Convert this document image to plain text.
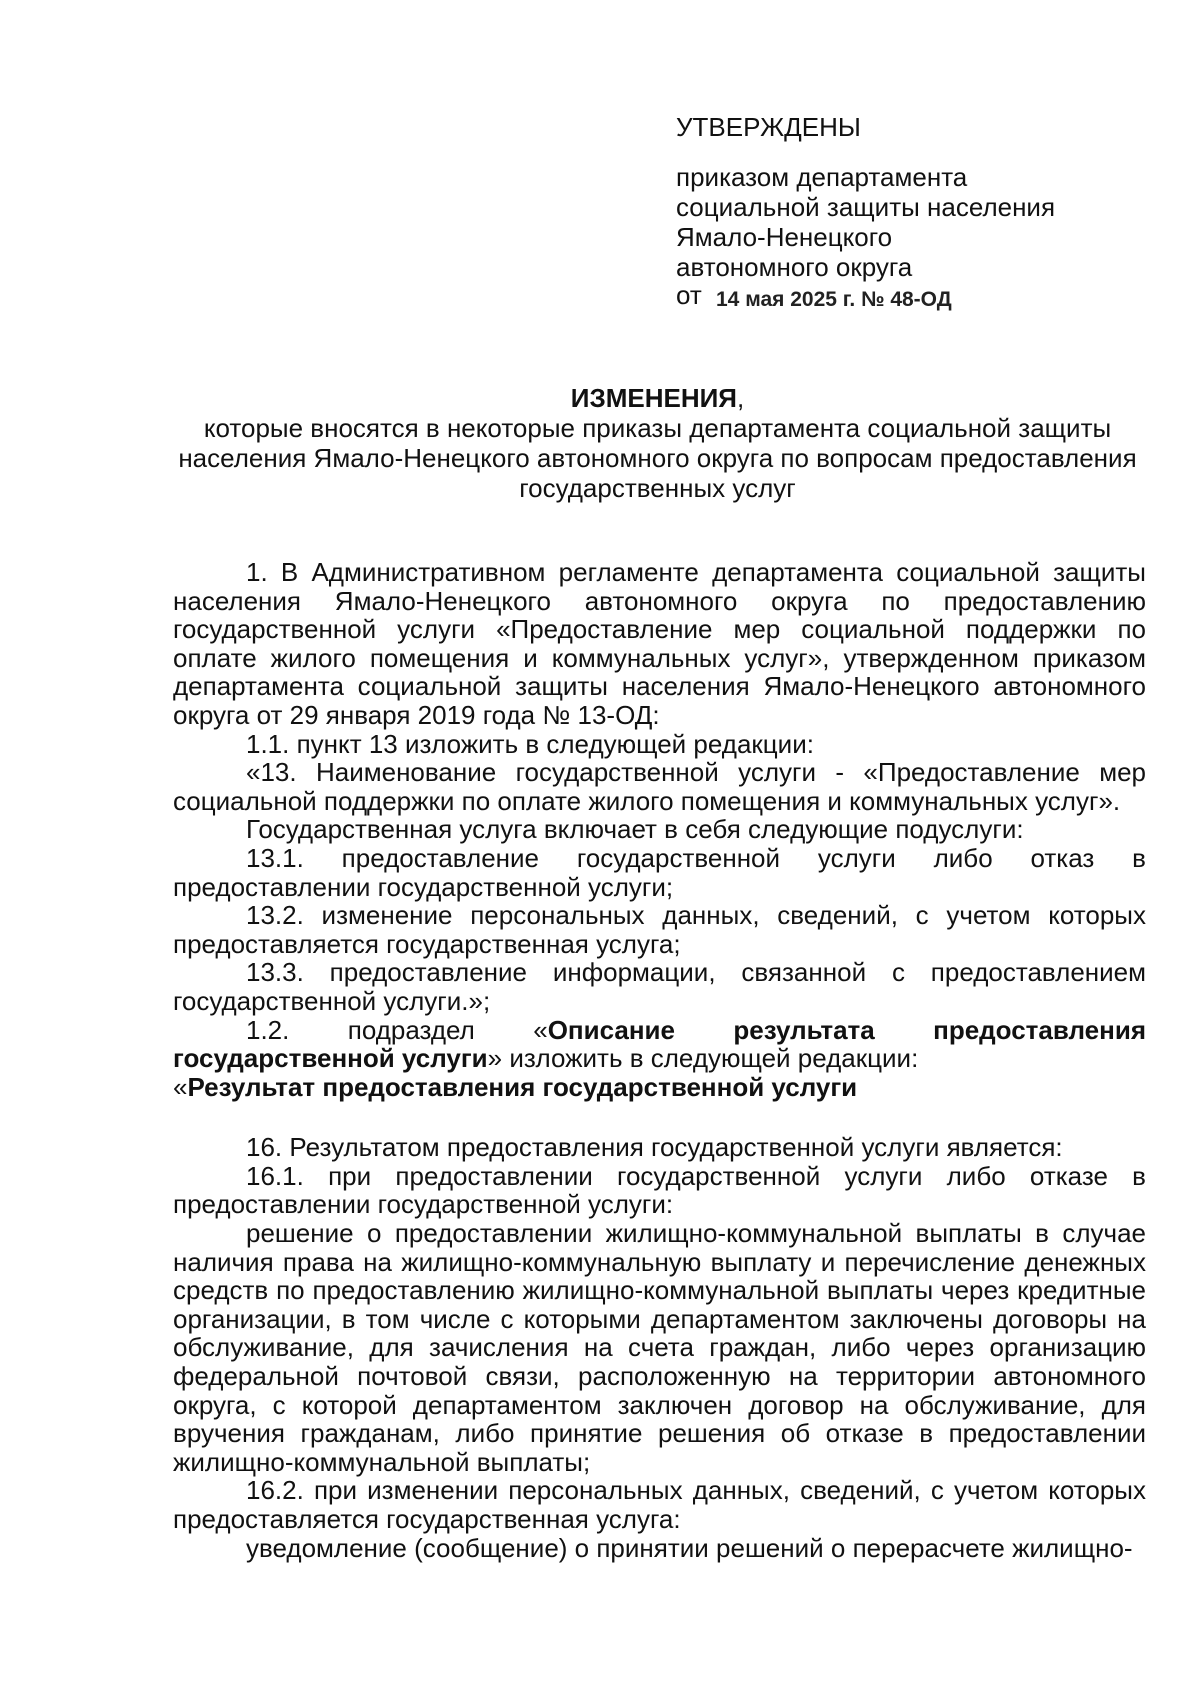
УТВЕРЖДЕНЫ
приказом департамента
социальной защиты населения
Ямало-Ненецкого
автономного округа
от 14 мая 2025 г. № 48-ОД
ИЗМЕНЕНИЯ,
которые вносятся в некоторые приказы департамента социальной защиты
населения Ямало-Ненецкого автономного округа по вопросам предоставления
государственных услуг

1. В Административном регламенте департамента социальной защиты населения Ямало-Ненецкого автономного округа по предоставлению государственной услуги «Предоставление мер социальной поддержки по оплате жилого помещения и коммунальных услуг», утвержденном приказом департамента социальной защиты населения Ямало-Ненецкого автономного округа от 29 января 2019 года № 13-ОД:

1.1. пункт 13 изложить в следующей редакции:

«13. Наименование государственной услуги - «Предоставление мер социальной поддержки по оплате жилого помещения и коммунальных услуг».

Государственная услуга включает в себя следующие подуслуги:

13.1. предоставление государственной услуги либо отказ в предоставлении государственной услуги;

13.2. изменение персональных данных, сведений, с учетом которых предоставляется государственная услуга;

13.3. предоставление информации, связанной с предоставлением государственной услуги.»;

1.2. подраздел «Описание результата предоставления государственной услуги» изложить в следующей редакции:

«Результат предоставления государственной услуги

16. Результатом предоставления государственной услуги является:

16.1. при предоставлении государственной услуги либо отказе в предоставлении государственной услуги:

решение о предоставлении жилищно-коммунальной выплаты в случае наличия права на жилищно-коммунальную выплату и перечисление денежных средств по предоставлению жилищно-коммунальной выплаты через кредитные организации, в том числе с которыми департаментом заключены договоры на обслуживание, для зачисления на счета граждан, либо через организацию федеральной почтовой связи, расположенную на территории автономного округа, с которой департаментом заключен договор на обслуживание, для вручения гражданам, либо принятие решения об отказе в предоставлении жилищно-коммунальной выплаты;

16.2. при изменении персональных данных, сведений, с учетом которых предоставляется государственная услуга:

уведомление (сообщение) о принятии решений о перерасчете жилищно-
